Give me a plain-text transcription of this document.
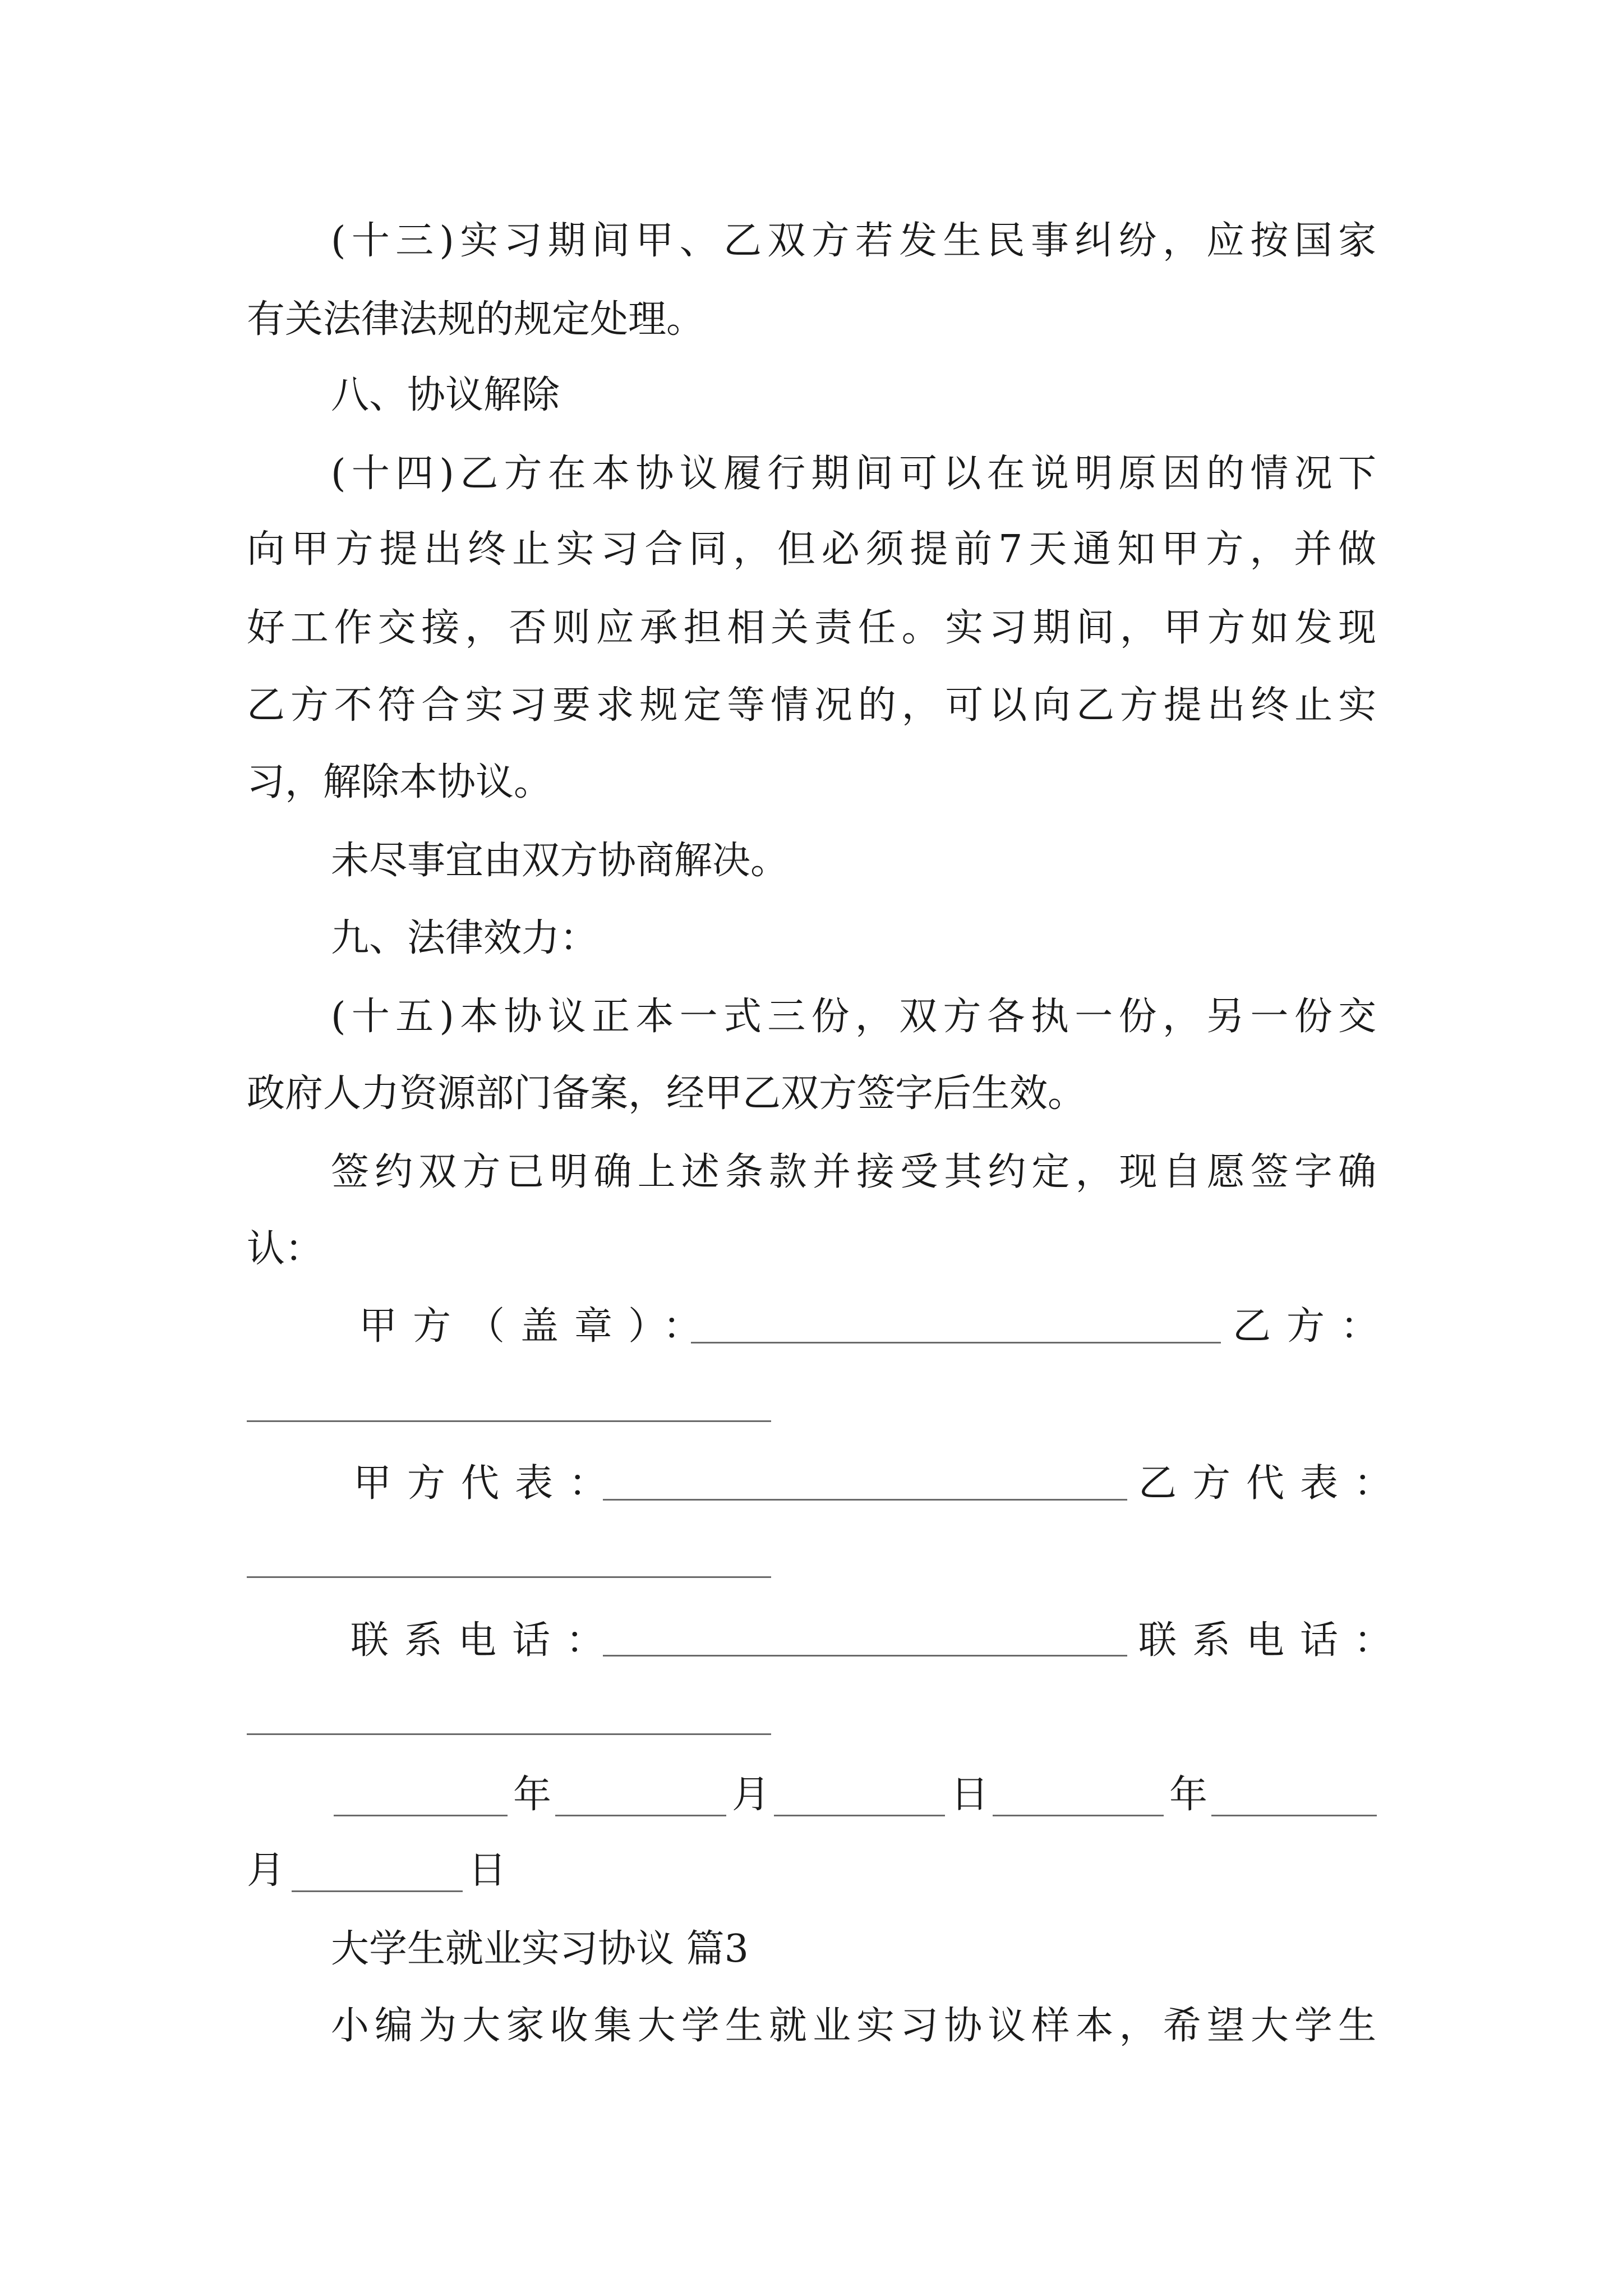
(十三)实习期间甲、乙双方若发生民事纠纷，应按国家
有关法律法规的规定处理。
八、协议解除
(十四)乙方在本协议履行期间可以在说明原因的情况下
向甲方提出终止实习合同，但必须提前7天通知甲方，并做
好工作交接，否则应承担相关责任。实习期间，甲方如发现
乙方不符合实习要求规定等情况的，可以向乙方提出终止实
习，解除本协议。
未尽事宜由双方协商解决。
九、法律效力：
(十五)本协议正本一式三份，双方各执一份，另一份交
政府人力资源部门备案，经甲乙双方签字后生效。
签约双方已明确上述条款并接受其约定，现自愿签字确
认：
甲方（盖章）：	乙方：
甲方代表：	乙方代表：
联系电话：	联系电话：
年	月	日	年
月	日
大学生就业实习协议 篇3
小编为大家收集大学生就业实习协议样本，希望大学生
